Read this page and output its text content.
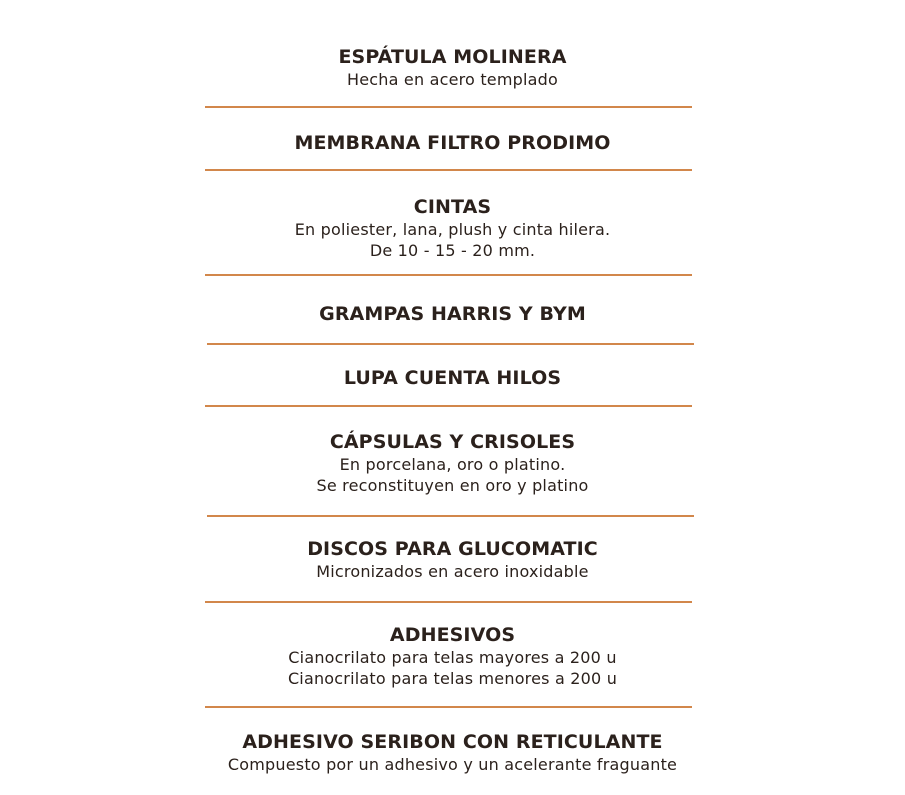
ESPÁTULA MOLINERA
Hecha en acero templado
MEMBRANA FILTRO PRODIMO
CINTAS
En poliester, lana, plush y cinta hilera.
De 10 - 15 - 20 mm.
GRAMPAS HARRIS Y BYM
LUPA CUENTA HILOS
CÁPSULAS Y CRISOLES
En porcelana, oro o platino.
Se reconstituyen en oro y platino
DISCOS PARA GLUCOMATIC
Micronizados en acero inoxidable
ADHESIVOS
Cianocrilato para telas mayores a 200 u
Cianocrilato para telas menores a 200 u
ADHESIVO SERIBON CON RETICULANTE
Compuesto por un adhesivo y un acelerante fraguante
